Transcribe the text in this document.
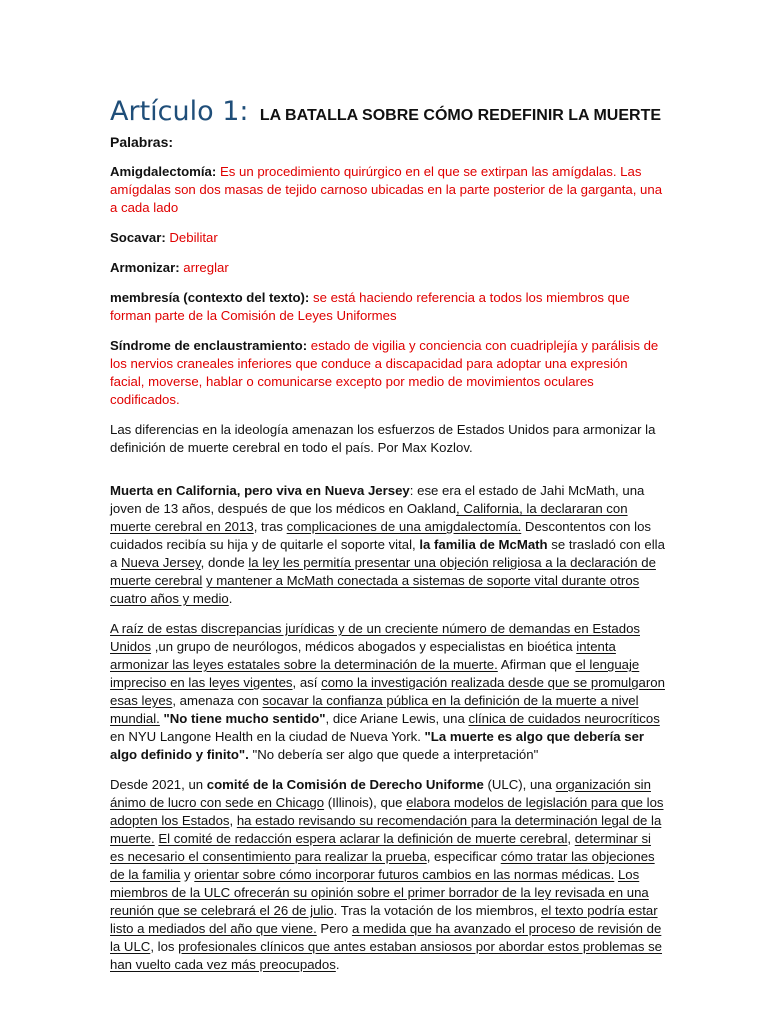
Artículo 1: LA BATALLA SOBRE CÓMO REDEFINIR LA MUERTE

Palabras:

Amigdalectomía: Es un procedimiento quirúrgico en el que se extirpan las amígdalas. Las amígdalas son dos masas de tejido carnoso ubicadas en la parte posterior de la garganta, una a cada lado

Socavar: Debilitar

Armonizar: arreglar

membresía (contexto del texto): se está haciendo referencia a todos los miembros que forman parte de la Comisión de Leyes Uniformes

Síndrome de enclaustramiento: estado de vigilia y conciencia con cuadriplejía y parálisis de los nervios craneales inferiores que conduce a discapacidad para adoptar una expresión facial, moverse, hablar o comunicarse excepto por medio de movimientos oculares codificados.

Las diferencias en la ideología amenazan los esfuerzos de Estados Unidos para armonizar la definición de muerte cerebral en todo el país. Por Max Kozlov.

Muerta en California, pero viva en Nueva Jersey: ese era el estado de Jahi McMath, una joven de 13 años, después de que los médicos en Oakland, California, la declararan con muerte cerebral en 2013, tras complicaciones de una amigdalectomía. Descontentos con los cuidados recibía su hija y de quitarle el soporte vital, la familia de McMath se trasladó con ella a Nueva Jersey, donde la ley les permitía presentar una objeción religiosa a la declaración de muerte cerebral y mantener a McMath conectada a sistemas de soporte vital durante otros cuatro años y medio.

A raíz de estas discrepancias jurídicas y de un creciente número de demandas en Estados Unidos ,un grupo de neurólogos, médicos abogados y especialistas en bioética intenta armonizar las leyes estatales sobre la determinación de la muerte. Afirman que el lenguaje impreciso en las leyes vigentes, así como la investigación realizada desde que se promulgaron esas leyes, amenaza con socavar la confianza pública en la definición de la muerte a nivel mundial. "No tiene mucho sentido", dice Ariane Lewis, una clínica de cuidados neurocríticos en NYU Langone Health en la ciudad de Nueva York. "La muerte es algo que debería ser algo definido y finito". "No debería ser algo que quede a interpretación"

Desde 2021, un comité de la Comisión de Derecho Uniforme (ULC), una organización sin ánimo de lucro con sede en Chicago (Illinois), que elabora modelos de legislación para que los adopten los Estados, ha estado revisando su recomendación para la determinación legal de la muerte. El comité de redacción espera aclarar la definición de muerte cerebral, determinar si es necesario el consentimiento para realizar la prueba, especificar cómo tratar las objeciones de la familia y orientar sobre cómo incorporar futuros cambios en las normas médicas. Los miembros de la ULC ofrecerán su opinión sobre el primer borrador de la ley revisada en una reunión que se celebrará el 26 de julio. Tras la votación de los miembros, el texto podría estar listo a mediados del año que viene. Pero a medida que ha avanzado el proceso de revisión de la ULC, los profesionales clínicos que antes estaban ansiosos por abordar estos problemas se han vuelto cada vez más preocupados.
